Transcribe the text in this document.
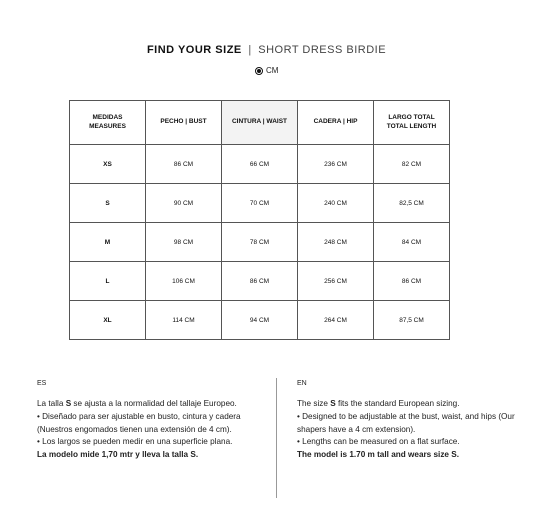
FIND YOUR SIZE | SHORT DRESS BIRDIE
CM
MEDIDAS
MEASURES	PECHO | BUST	CINTURA | WAIST	CADERA | HIP	LARGO TOTAL
TOTAL LENGTH
XS	86 CM	66 CM	236 CM	82 CM
S	90 CM	70 CM	240 CM	82,5 CM
M	98 CM	78 CM	248 CM	84 CM
L	106 CM	86 CM	256 CM	86 CM
XL	114 CM	94 CM	264 CM	87,5 CM
ES
La talla S se ajusta a la normalidad del tallaje Europeo.
• Diseñado para ser ajustable en busto, cintura y cadera (Nuestros engomados tienen una extensión de 4 cm).
• Los largos se pueden medir en una superficie plana.
La modelo mide 1,70 mtr y lleva la talla S.
EN
The size S fits the standard European sizing.
• Designed to be adjustable at the bust, waist, and hips (Our shapers have a 4 cm extension).
• Lengths can be measured on a flat surface.
The model is 1.70 m tall and wears size S.
